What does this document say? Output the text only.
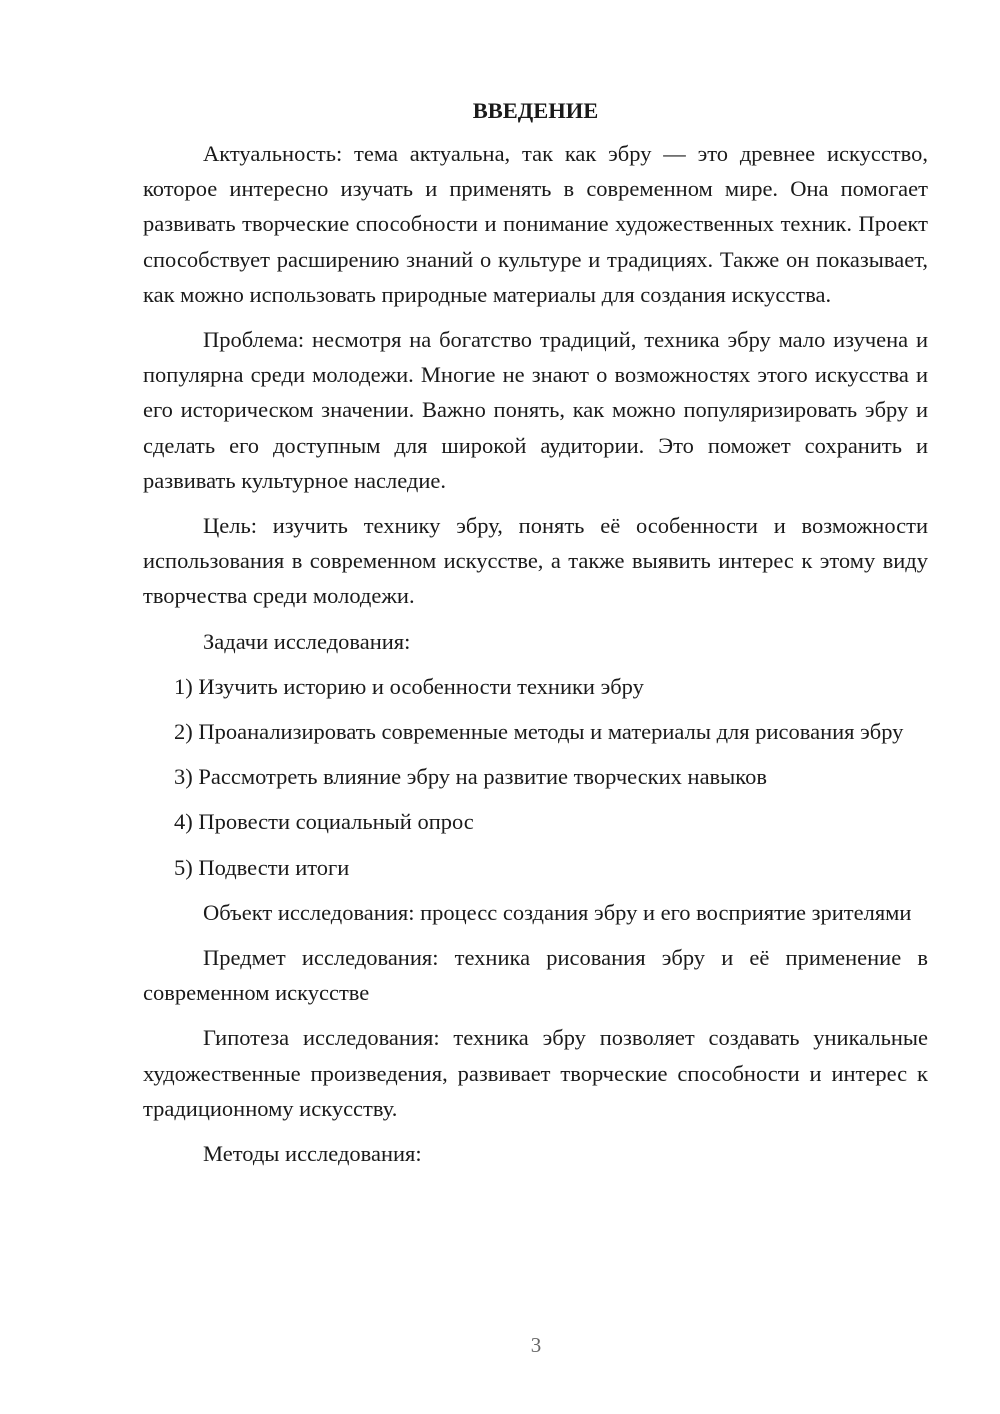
ВВЕДЕНИЕ

Актуальность: тема актуальна, так как эбру — это древнее искусство, которое интересно изучать и применять в современном мире. Она помогает развивать творческие способности и понимание художественных техник. Проект способствует расширению знаний о культуре и традициях. Также он показывает, как можно использовать природные материалы для создания искусства.

Проблема: несмотря на богатство традиций, техника эбру мало изучена и популярна среди молодежи. Многие не знают о возможностях этого искусства и его историческом значении. Важно понять, как можно популяризировать эбру и сделать его доступным для широкой аудитории. Это поможет сохранить и развивать культурное наследие.

Цель: изучить технику эбру, понять её особенности и возможности использования в современном искусстве, а также выявить интерес к этому виду творчества среди молодежи.

Задачи исследования:

1) Изучить историю и особенности техники эбру

2) Проанализировать современные методы и материалы для рисования эбру

3) Рассмотреть влияние эбру на развитие творческих навыков

4) Провести социальный опрос

5) Подвести итоги

Объект исследования: процесс создания эбру и его восприятие зрителями

Предмет исследования: техника рисования эбру и её применение в современном искусстве

Гипотеза исследования: техника эбру позволяет создавать уникальные художественные произведения, развивает творческие способности и интерес к традиционному искусству.

Методы исследования:

3
